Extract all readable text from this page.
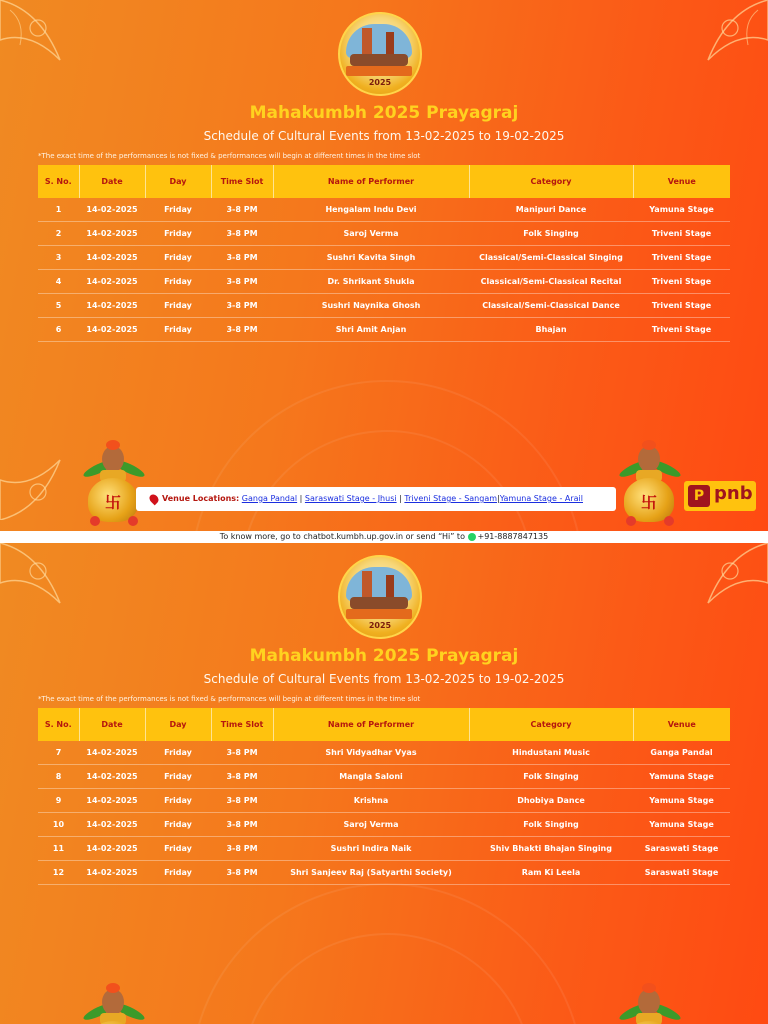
2025
Mahakumbh 2025 Prayagraj
Schedule of Cultural Events from 13-02-2025 to 19-02-2025
*The exact time of the performances is not fixed & performances will begin at different times in the time slot
S. No.	Date	Day	Time Slot	Name of Performer	Category	Venue
1	14-02-2025	Friday	3-8 PM	Hengalam Indu Devi	Manipuri Dance	Yamuna Stage
2	14-02-2025	Friday	3-8 PM	Saroj Verma	Folk Singing	Triveni Stage
3	14-02-2025	Friday	3-8 PM	Sushri Kavita Singh	Classical/Semi-Classical Singing	Triveni Stage
4	14-02-2025	Friday	3-8 PM	Dr. Shrikant Shukla	Classical/Semi-Classical Recital	Triveni Stage
5	14-02-2025	Friday	3-8 PM	Sushri Naynika Ghosh	Classical/Semi-Classical Dance	Triveni Stage
6	14-02-2025	Friday	3-8 PM	Shri Amit Anjan	Bhajan	Triveni Stage
卐	卐
Venue Locations: Ganga Pandal | Saraswati Stage - Jhusi | Triveni Stage - Sangam|Yamuna Stage - Arail	P pnb
To know more, go to chatbot.kumbh.up.gov.in or send “Hi” to +91-8887847135
2025
Mahakumbh 2025 Prayagraj
Schedule of Cultural Events from 13-02-2025 to 19-02-2025
*The exact time of the performances is not fixed & performances will begin at different times in the time slot
S. No.	Date	Day	Time Slot	Name of Performer	Category	Venue
7	14-02-2025	Friday	3-8 PM	Shri Vidyadhar Vyas	Hindustani Music	Ganga Pandal
8	14-02-2025	Friday	3-8 PM	Mangla Saloni	Folk Singing	Yamuna Stage
9	14-02-2025	Friday	3-8 PM	Krishna	Dhobiya Dance	Yamuna Stage
10	14-02-2025	Friday	3-8 PM	Saroj Verma	Folk Singing	Yamuna Stage
11	14-02-2025	Friday	3-8 PM	Sushri Indira Naik	Shiv Bhakti Bhajan Singing	Saraswati Stage
12	14-02-2025	Friday	3-8 PM	Shri Sanjeev Raj (Satyarthi Society)	Ram Ki Leela	Saraswati Stage
